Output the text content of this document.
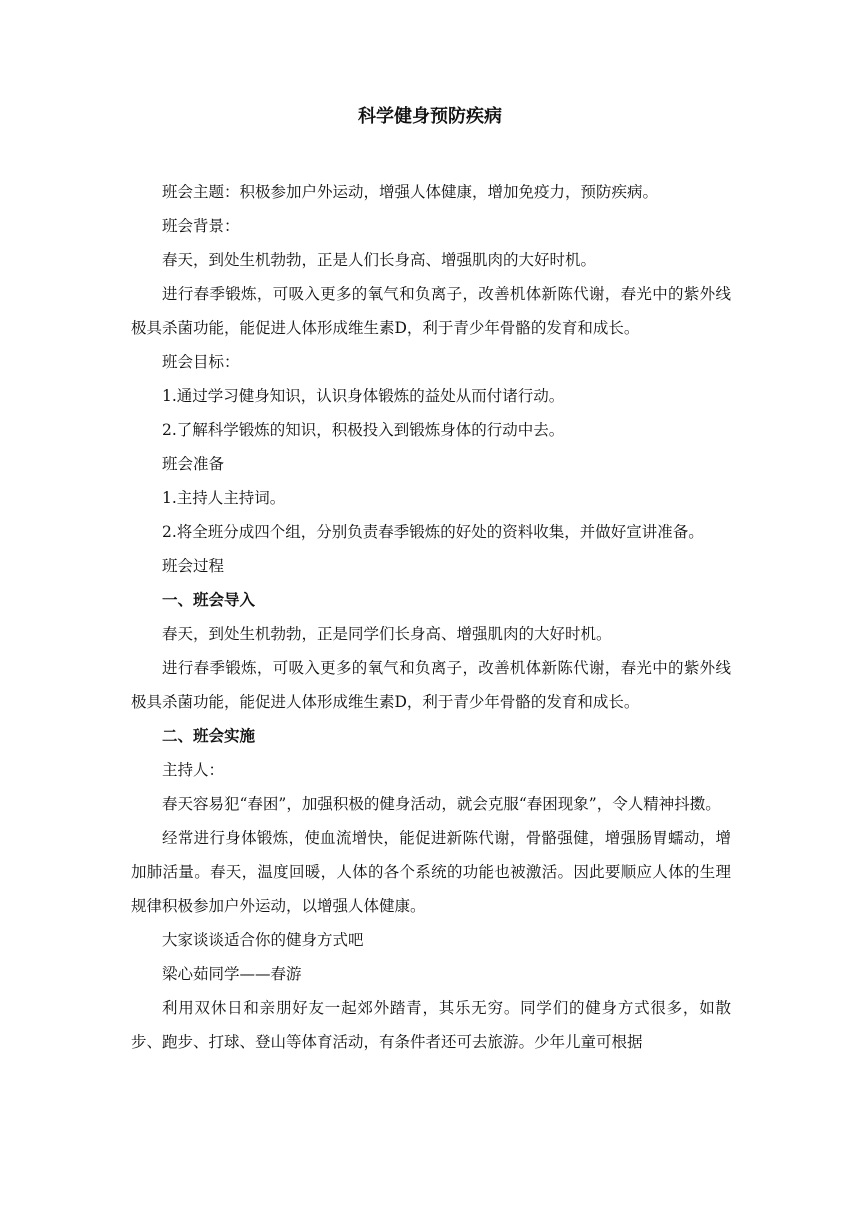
科学健身预防疾病

班会主题：积极参加户外运动，增强人体健康，增加免疫力，预防疾病。

班会背景：

春天，到处生机勃勃，正是人们长身高、增强肌肉的大好时机。

进行春季锻炼，可吸入更多的氧气和负离子，改善机体新陈代谢，春光中的紫外线极具杀菌功能，能促进人体形成维生素D，利于青少年骨骼的发育和成长。

班会目标：

1.通过学习健身知识，认识身体锻炼的益处从而付诸行动。

2.了解科学锻炼的知识，积极投入到锻炼身体的行动中去。

班会准备

1.主持人主持词。

2.将全班分成四个组，分别负责春季锻炼的好处的资料收集，并做好宣讲准备。

班会过程

一、班会导入

春天，到处生机勃勃，正是同学们长身高、增强肌肉的大好时机。

进行春季锻炼，可吸入更多的氧气和负离子，改善机体新陈代谢，春光中的紫外线极具杀菌功能，能促进人体形成维生素D，利于青少年骨骼的发育和成长。

二、班会实施

主持人：

春天容易犯“春困”，加强积极的健身活动，就会克服“春困现象”，令人精神抖擞。

经常进行身体锻炼，使血流增快，能促进新陈代谢，骨骼强健，增强肠胃蠕动，增加肺活量。春天，温度回暖，人体的各个系统的功能也被激活。因此要顺应人体的生理规律积极参加户外运动，以增强人体健康。

大家谈谈适合你的健身方式吧

梁心茹同学——春游

利用双休日和亲朋好友一起郊外踏青，其乐无穷。同学们的健身方式很多，如散步、跑步、打球、登山等体育活动，有条件者还可去旅游。少年儿童可根据
